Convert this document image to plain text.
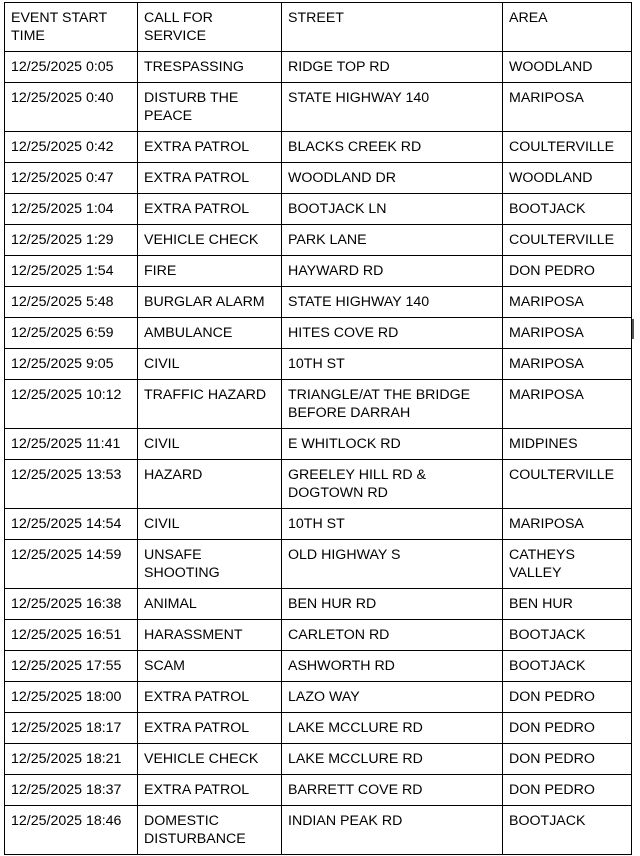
EVENT START TIME	CALL FOR SERVICE	STREET	AREA
12/25/2025 0:05	TRESPASSING	RIDGE TOP RD	WOODLAND
12/25/2025 0:40	DISTURB THE PEACE	STATE HIGHWAY 140	MARIPOSA
12/25/2025 0:42	EXTRA PATROL	BLACKS CREEK RD	COULTERVILLE
12/25/2025 0:47	EXTRA PATROL	WOODLAND DR	WOODLAND
12/25/2025 1:04	EXTRA PATROL	BOOTJACK LN	BOOTJACK
12/25/2025 1:29	VEHICLE CHECK	PARK LANE	COULTERVILLE
12/25/2025 1:54	FIRE	HAYWARD RD	DON PEDRO
12/25/2025 5:48	BURGLAR ALARM	STATE HIGHWAY 140	MARIPOSA
12/25/2025 6:59	AMBULANCE	HITES COVE RD	MARIPOSA
12/25/2025 9:05	CIVIL	10TH ST	MARIPOSA
12/25/2025 10:12	TRAFFIC HAZARD	TRIANGLE/AT THE BRIDGE BEFORE DARRAH	MARIPOSA
12/25/2025 11:41	CIVIL	E WHITLOCK RD	MIDPINES
12/25/2025 13:53	HAZARD	GREELEY HILL RD & DOGTOWN RD	COULTERVILLE
12/25/2025 14:54	CIVIL	10TH ST	MARIPOSA
12/25/2025 14:59	UNSAFE SHOOTING	OLD HIGHWAY S	CATHEYS VALLEY
12/25/2025 16:38	ANIMAL	BEN HUR RD	BEN HUR
12/25/2025 16:51	HARASSMENT	CARLETON RD	BOOTJACK
12/25/2025 17:55	SCAM	ASHWORTH RD	BOOTJACK
12/25/2025 18:00	EXTRA PATROL	LAZO WAY	DON PEDRO
12/25/2025 18:17	EXTRA PATROL	LAKE MCCLURE RD	DON PEDRO
12/25/2025 18:21	VEHICLE CHECK	LAKE MCCLURE RD	DON PEDRO
12/25/2025 18:37	EXTRA PATROL	BARRETT COVE RD	DON PEDRO
12/25/2025 18:46	DOMESTIC DISTURBANCE	INDIAN PEAK RD	BOOTJACK
